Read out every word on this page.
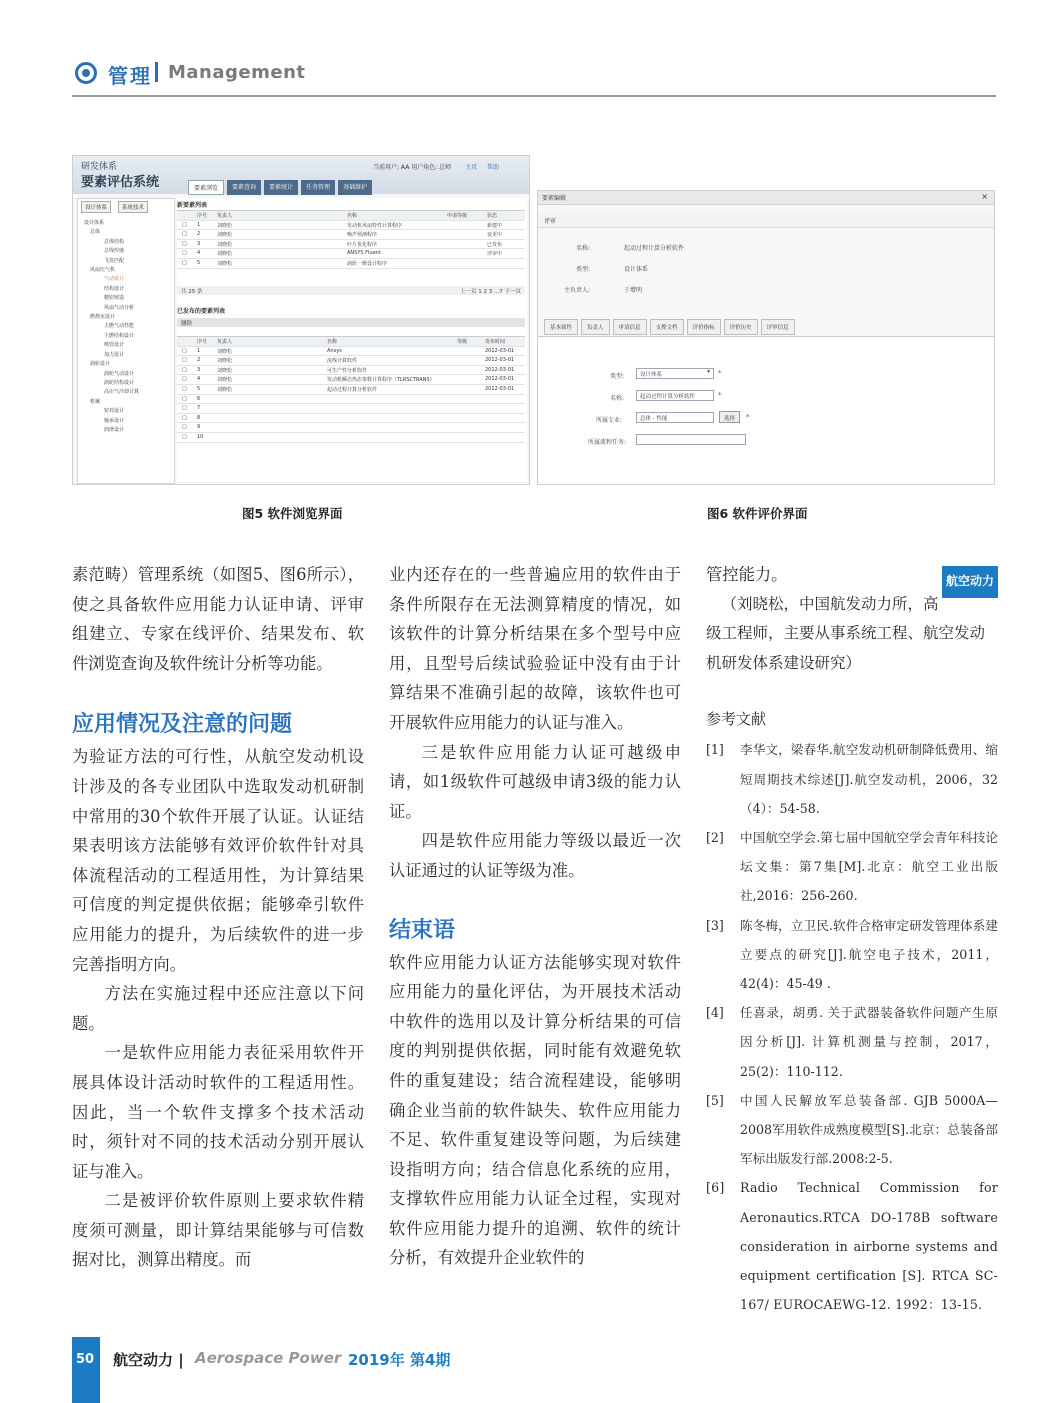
管理 Management
研发体系
要素评估系统
当前用户: AA 用户角色: 总师 主页 帮助
要素浏览	要素查询	要素统计	任务管理	基础维护
设计体系	系统技术
设计体系
总体
总体结构
总线传感
飞发匹配
风扇压气机
气动设计
结构设计
精密铸造
风扇气动分析
燃烧室设计
主燃气动性能
主燃结构设计
喷管设计
加力设计
涡轮设计
涡轮气动设计
涡轮结构设计
高压气冷却计算
机械
密封设计
轴承设计
润滑设计
新要素列表
序号 负责人	名称	申请等级	状态
□ 1	刘晓松	发动机风扇特性计算程序	新建中
□ 2	刘晓松	噪声预测程序	变更中
□ 3	刘晓松	叶片优化程序	已发布
□ 4	刘晓松	ANSYS Fluent	评审中
□ 5	刘晓松	涡轮一维设计程序
共 25 条	上一页 1 2 3 ...7 下一页
已发布的要素列表
删除
序号 负责人	名称	等级	发布时间
□ 1	刘晓松	Ansys	2012-03-01
□ 2	刘晓松	流线计算软件	2012-03-01
□ 3	刘晓松	可生产性分析软件	2012-03-01
□ 4	刘晓松	发动机瞬态热态参数计算程序（TLRSCTRANS）	2012-03-01
□ 5	刘晓松	起动过程计算分析软件	2012-03-01
□ 6
□ 7
□ 8
□ 9
□ 10
要素编辑	×
评审
名称:	起动过程计算分析软件
类型:	设计体系
主负责人:	于增明
基本属性	负责人	审请信息	支撑文档	评价指标	评价历史	评审信息
类型:	设计体系	▾ *
名称:	起动过程计算分析软件	*
所属专业:	总体 - 性能	选择	*
所属流程任务:
图5 软件浏览界面	图6 软件评价界面

素范畴）管理系统（如图5、图6所示），使之具备软件应用能力认证申请、评审组建立、专家在线评价、结果发布、软件浏览查询及软件统计分析等功能。

应用情况及注意的问题

为验证方法的可行性，从航空发动机设计涉及的各专业团队中选取发动机研制中常用的30个软件开展了认证。认证结果表明该方法能够有效评价软件针对具体流程活动的工程适用性，为计算结果可信度的判定提供依据；能够牵引软件应用能力的提升，为后续软件的进一步完善指明方向。

方法在实施过程中还应注意以下问题。

一是软件应用能力表征采用软件开展具体设计活动时软件的工程适用性。因此，当一个软件支撑多个技术活动时，须针对不同的技术活动分别开展认证与准入。

二是被评价软件原则上要求软件精度须可测量，即计算结果能够与可信数据对比，测算出精度。而

业内还存在的一些普遍应用的软件由于条件所限存在无法测算精度的情况，如该软件的计算分析结果在多个型号中应用，且型号后续试验验证中没有由于计算结果不准确引起的故障，该软件也可开展软件应用能力的认证与准入。

三是软件应用能力认证可越级申请，如1级软件可越级申请3级的能力认证。

四是软件应用能力等级以最近一次认证通过的认证等级为准。

结束语

软件应用能力认证方法能够实现对软件应用能力的量化评估，为开展技术活动中软件的选用以及计算分析结果的可信度的判别提供依据，同时能有效避免软件的重复建设；结合流程建设，能够明确企业当前的软件缺失、软件应用能力不足、软件重复建设等问题，为后续建设指明方向；结合信息化系统的应用，支撑软件应用能力认证全过程，实现对软件应用能力提升的追溯、软件的统计分析，有效提升企业软件的

管控能力。	航空动力

（刘晓松，中国航发动力所，高级工程师，主要从事系统工程、航空发动机研发体系建设研究）

参考文献

[1] 李华文，梁春华.航空发动机研制降低费用、缩短周期技术综述[J].航空发动机，2006，32（4）：54-58.
[2] 中国航空学会.第七届中国航空学会青年科技论坛文集：第7集[M].北京：航空工业出版社,2016：256-260.
[3] 陈冬梅，立卫民.软件合格审定研发管理体系建立要点的研究[J].航空电子技术，2011，42(4)：45-49 .
[4] 任喜录，胡勇. 关于武器装备软件问题产生原因分析[J]. 计算机测量与控制，2017，25(2)：110-112.
[5] 中国人民解放军总装备部. GJB 5000A—2008军用软件成熟度模型[S].北京：总装备部军标出版发行部.2008:2-5.
[6] Radio Technical Commission for Aeronautics.RTCA DO-178B software consideration in airborne systems and equipment certification [S]. RTCA SC-167/ EUROCAEWG-12. 1992：13-15.
50 航空动力 | Aerospace Power 2019年 第4期
